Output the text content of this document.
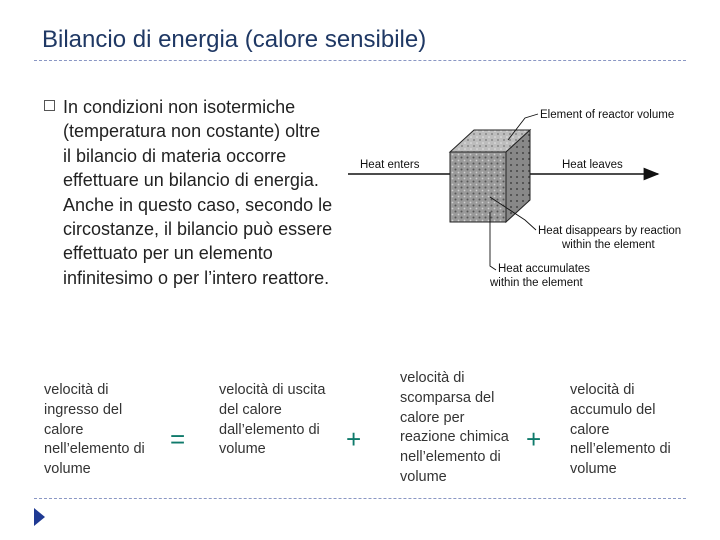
Bilancio di energia (calore sensibile)
In condizioni non isotermiche (temperatura non costante) oltre il bilancio di materia occorre effettuare un bilancio di energia. Anche in questo caso, secondo le circostanze, il bilancio può essere effettuato per un elemento infinitesimo o per l’intero reattore.
Element of reactor volume
Heat enters	Heat leaves
Heat disappears by reaction
within the element
Heat accumulates
within the element
velocità di ingresso del calore nell’elemento di volume
=
velocità di uscita del calore dall’elemento di volume	+
velocità di scomparsa del calore per reazione chimica nell’elemento di volume
+
velocità di accumulo del calore nell’elemento di volume
